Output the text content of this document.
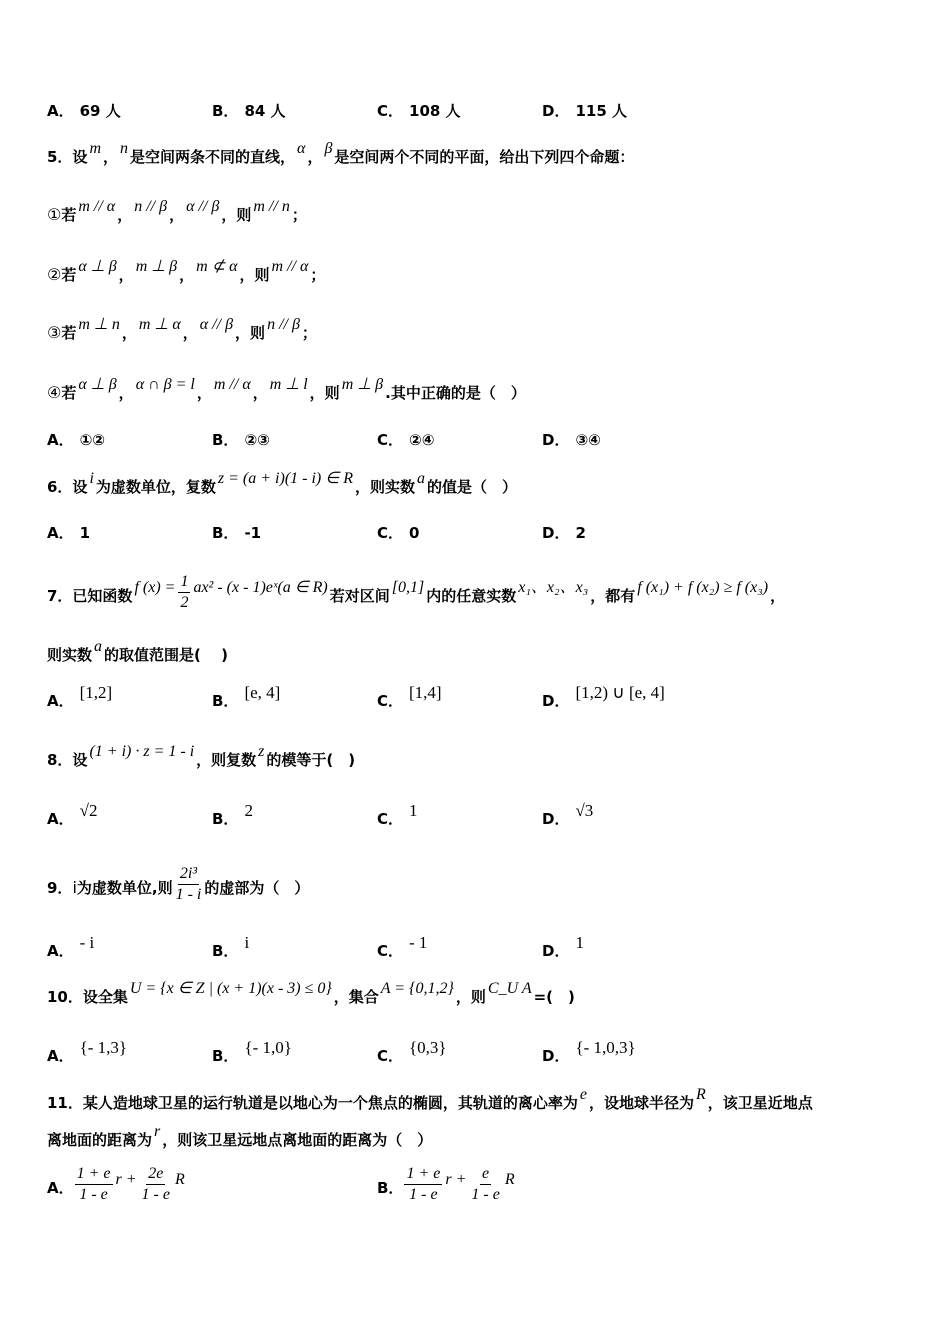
5．设 m ， n 是空间两条不同的直线， α ， β 是空间两个不同的平面，给出下列四个命题：
①若 m // α ， n // β ， α // β ，则 m // n ；
②若 α ⊥ β ， m ⊥ β ， m ⊄ α ，则 m // α ；
③若 m ⊥ n ， m ⊥ α ， α // β ，则 n // β ；
④若 α ⊥ β ， α ∩ β = l ， m // α ， m ⊥ l ，则 m ⊥ β .其中正确的是（　）
6．设 i 为虚数单位，复数 z = (a + i)(1 - i) ∈ R ，则实数 a 的值是（　）
7．已知函数 f $(x) = \frac{1}{2} ax^2 - (x$ - 1)eˣ(a ∈ R) 若对区间 [0,1] 内的任意实数 x₁、x₂、x₃ ，都有 f (x₁) + f (x₂) ≥ f (x₃) ，
则实数 a 的取值范围是(　 )
8．设 (1 + i) · z = 1 - i ，则复数 z 的模等于(　)
9．i为虚数单位,则 $\frac{\text{2i³}}{1 - i}$ 的虚部为（　）
10．设全集 U = {x ∈ Z | (x + 1)(x - 3) ≤ 0} ，集合 A = {0,1,2} ，则 C_U A =(　)
11．某人造地球卫星的运行轨道是以地心为一个焦点的椭圆，其轨道的离心率为 e ，设地球半径为 R ，该卫星近地点
离地面的距离为 r ，则该卫星远地点离地面的距离为（　）
A． $\frac{1 + e}{1 - e}$ $r + \frac{2e}{1 - e}$ R	B． $\frac{1 + e}{1 - e}$ $r + \frac{e}{1 - e}$ R
A． 69 人	B． 84 人	C． 108 人	D． 115 人
A． ①②	B． ②③	C． ②④	D． ③④
A． 1	B． -1	C． 0	D． 2
A． [1,2]	B． [e, 4]	C． [1,4]	D． [1,2) ∪ [e, 4]
A． √2	B． 2	C． 1	D． √3
A． - i	B． i	C． - 1	D． 1
A． {- 1,3}	B． {- 1,0}	C． {0,3}	D． {- 1,0,3}
